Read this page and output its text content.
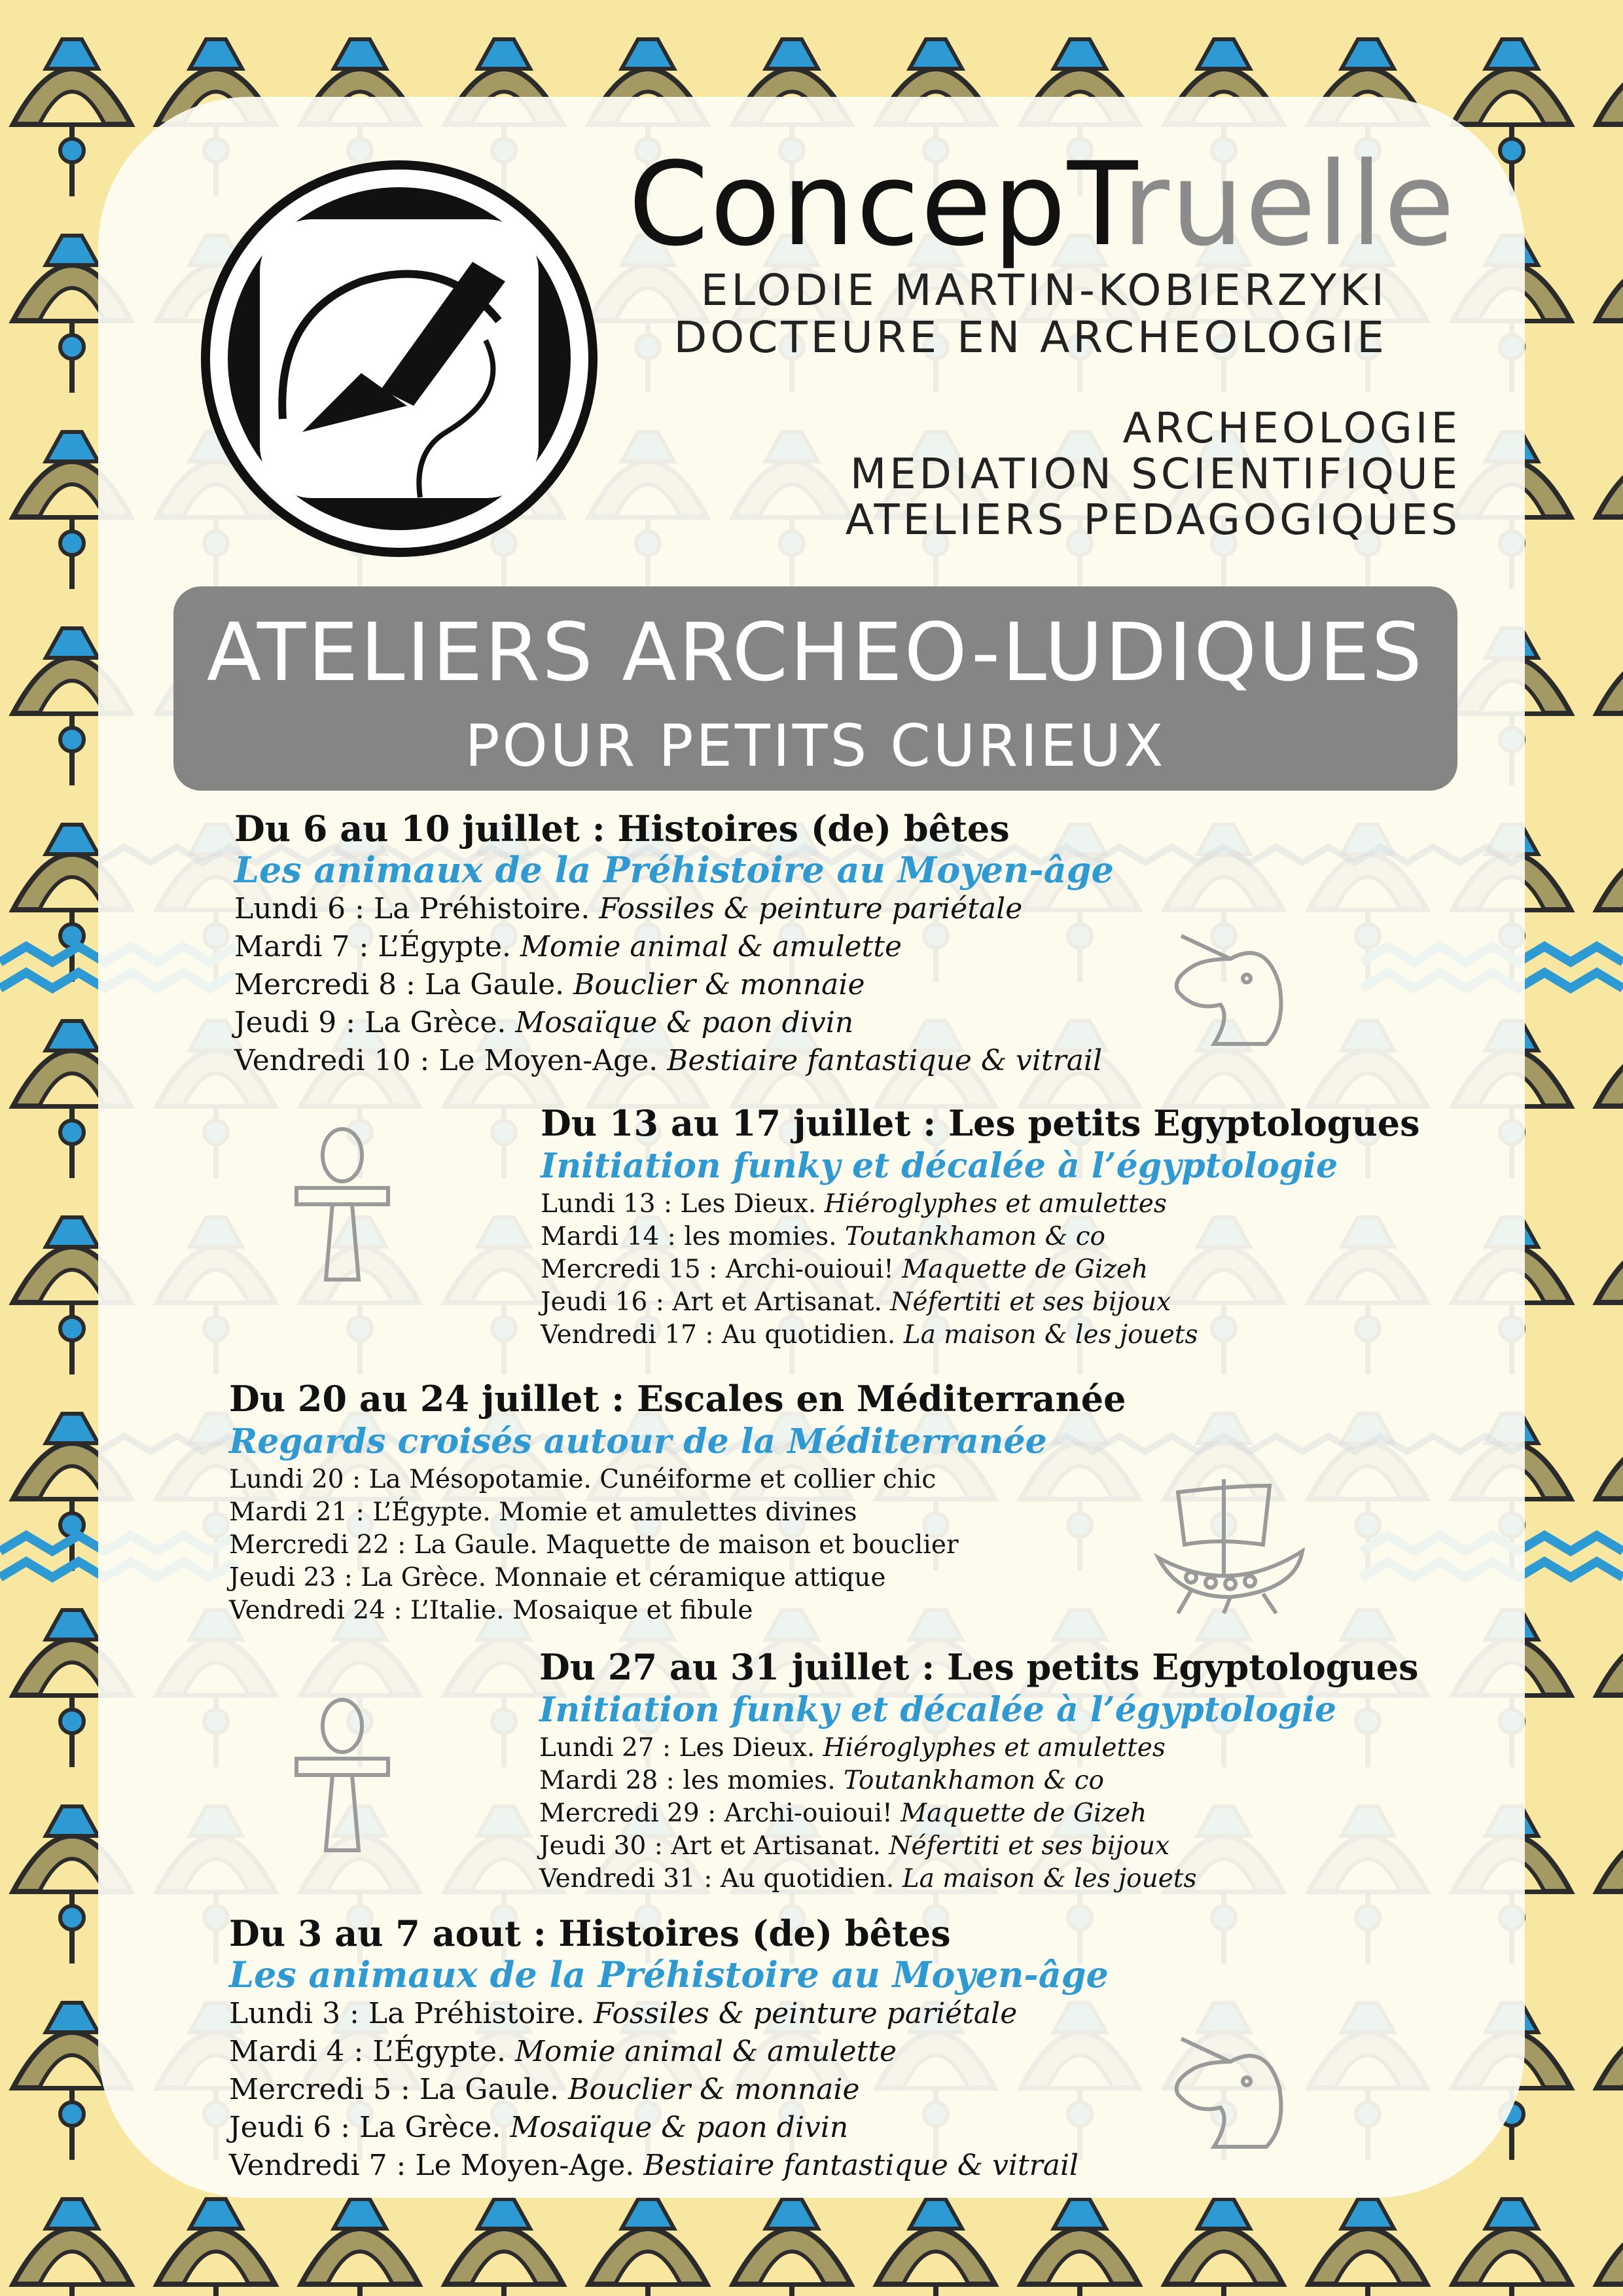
ConcepTruelle
ELODIE MARTIN-KOBIERZYKI
DOCTEURE EN ARCHEOLOGIE
ARCHEOLOGIE
MEDIATION SCIENTIFIQUE
ATELIERS PEDAGOGIQUES
ATELIERS ARCHEO-LUDIQUES
POUR PETITS CURIEUX
Du 6 au 10 juillet : Histoires (de) bêtes
Les animaux de la Préhistoire au Moyen-âge
Lundi 6 : La Préhistoire. Fossiles & peinture pariétale
Mardi 7 : L’Égypte. Momie animal & amulette
Mercredi 8 : La Gaule. Bouclier & monnaie
Jeudi 9 : La Grèce. Mosaïque & paon divin
Vendredi 10 : Le Moyen-Age. Bestiaire fantastique & vitrail
Du 13 au 17 juillet : Les petits Egyptologues
Initiation funky et décalée à l’égyptologie
Lundi 13 : Les Dieux. Hiéroglyphes et amulettes
Mardi 14 : les momies. Toutankhamon & co
Mercredi 15 : Archi-ouioui! Maquette de Gizeh
Jeudi 16 : Art et Artisanat. Néfertiti et ses bijoux
Vendredi 17 : Au quotidien. La maison & les jouets
Du 20 au 24 juillet : Escales en Méditerranée
Regards croisés autour de la Méditerranée
Lundi 20 : La Mésopotamie. Cunéiforme et collier chic
Mardi 21 : L’Égypte. Momie et amulettes divines
Mercredi 22 : La Gaule. Maquette de maison et bouclier
Jeudi 23 : La Grèce. Monnaie et céramique attique
Vendredi 24 : L’Italie. Mosaique et fibule
Du 27 au 31 juillet : Les petits Egyptologues
Initiation funky et décalée à l’égyptologie
Lundi 27 : Les Dieux. Hiéroglyphes et amulettes
Mardi 28 : les momies. Toutankhamon & co
Mercredi 29 : Archi-ouioui! Maquette de Gizeh
Jeudi 30 : Art et Artisanat. Néfertiti et ses bijoux
Vendredi 31 : Au quotidien. La maison & les jouets
Du 3 au 7 aout : Histoires (de) bêtes
Les animaux de la Préhistoire au Moyen-âge
Lundi 3 : La Préhistoire. Fossiles & peinture pariétale
Mardi 4 : L’Égypte. Momie animal & amulette
Mercredi 5 : La Gaule. Bouclier & monnaie
Jeudi 6 : La Grèce. Mosaïque & paon divin
Vendredi 7 : Le Moyen-Age. Bestiaire fantastique & vitrail
